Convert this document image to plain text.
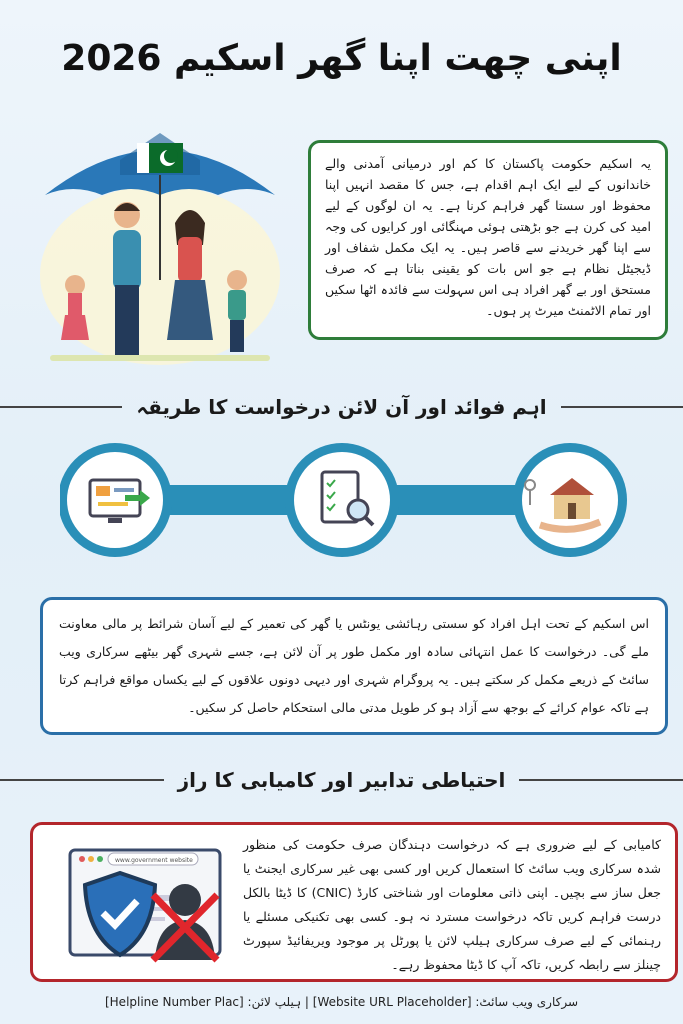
اپنی چھت اپنا گھر اسکیم 2026

یہ اسکیم حکومت پاکستان کا کم اور درمیانی آمدنی والے خاندانوں کے لیے ایک اہم اقدام ہے، جس کا مقصد انہیں اپنا محفوظ اور سستا گھر فراہم کرنا ہے۔ یہ ان لوگوں کے لیے امید کی کرن ہے جو بڑھتی ہوئی مہنگائی اور کرایوں کی وجہ سے اپنا گھر خریدنے سے قاصر ہیں۔ یہ ایک مکمل شفاف اور ڈیجیٹل نظام ہے جو اس بات کو یقینی بناتا ہے کہ صرف مستحق اور بے گھر افراد ہی اس سہولت سے فائدہ اٹھا سکیں اور تمام الاٹمنٹ میرٹ پر ہوں۔

اہم فوائد اور آن لائن درخواست کا طریقہ

اس اسکیم کے تحت اہل افراد کو سستی رہائشی یونٹس یا گھر کی تعمیر کے لیے آسان شرائط پر مالی معاونت ملے گی۔ درخواست کا عمل انتہائی سادہ اور مکمل طور پر آن لائن ہے، جسے شہری گھر بیٹھے سرکاری ویب سائٹ کے ذریعے مکمل کر سکتے ہیں۔ یہ پروگرام شہری اور دیہی دونوں علاقوں کے لیے یکساں مواقع فراہم کرتا ہے تاکہ عوام کرائے کے بوجھ سے آزاد ہو کر طویل مدتی مالی استحکام حاصل کر سکیں۔

احتیاطی تدابیر اور کامیابی کا راز

کامیابی کے لیے ضروری ہے کہ درخواست دہندگان صرف حکومت کی منظور شدہ سرکاری ویب سائٹ کا استعمال کریں اور کسی بھی غیر سرکاری ایجنٹ یا جعل ساز سے بچیں۔ اپنی ذاتی معلومات اور شناختی کارڈ (CNIC) کا ڈیٹا بالکل درست فراہم کریں تاکہ درخواست مسترد نہ ہو۔ کسی بھی تکنیکی مسئلے یا رہنمائی کے لیے صرف سرکاری ہیلپ لائن یا پورٹل پر موجود ویریفائیڈ سپورٹ چینلز سے رابطہ کریں، تاکہ آپ کا ڈیٹا محفوظ رہے۔

www.government website
سرکاری ویب سائٹ: [Website URL Placeholder] | ہیلپ لائن: [Helpline Number Plac]
